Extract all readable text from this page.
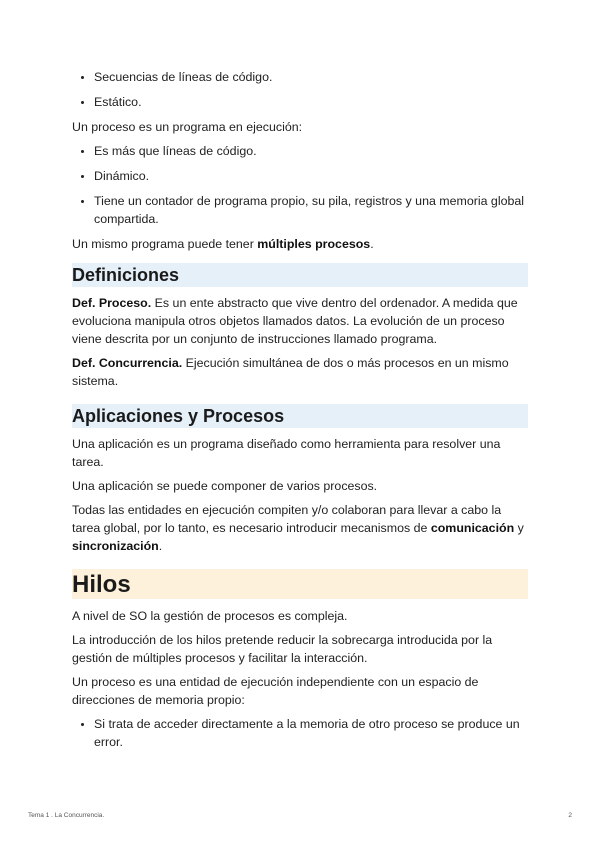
• Secuencias de líneas de código.
• Estático.

Un proceso es un programa en ejecución:

• Es más que líneas de código.
• Dinámico.
• Tiene un contador de programa propio, su pila, registros y una memoria global compartida.

Un mismo programa puede tener múltiples procesos.

Definiciones

Def. Proceso. Es un ente abstracto que vive dentro del ordenador. A medida que evoluciona manipula otros objetos llamados datos. La evolución de un proceso viene descrita por un conjunto de instrucciones llamado programa.

Def. Concurrencia. Ejecución simultánea de dos o más procesos en un mismo sistema.

Aplicaciones y Procesos

Una aplicación es un programa diseñado como herramienta para resolver una tarea.

Una aplicación se puede componer de varios procesos.

Todas las entidades en ejecución compiten y/o colaboran para llevar a cabo la tarea global, por lo tanto, es necesario introducir mecanismos de comunicación y sincronización.

Hilos

A nivel de SO la gestión de procesos es compleja.

La introducción de los hilos pretende reducir la sobrecarga introducida por la gestión de múltiples procesos y facilitar la interacción.

Un proceso es una entidad de ejecución independiente con un espacio de direcciones de memoria propio:

• Si trata de acceder directamente a la memoria de otro proceso se produce un error.
Tema 1 . La Concurrencia.	2
